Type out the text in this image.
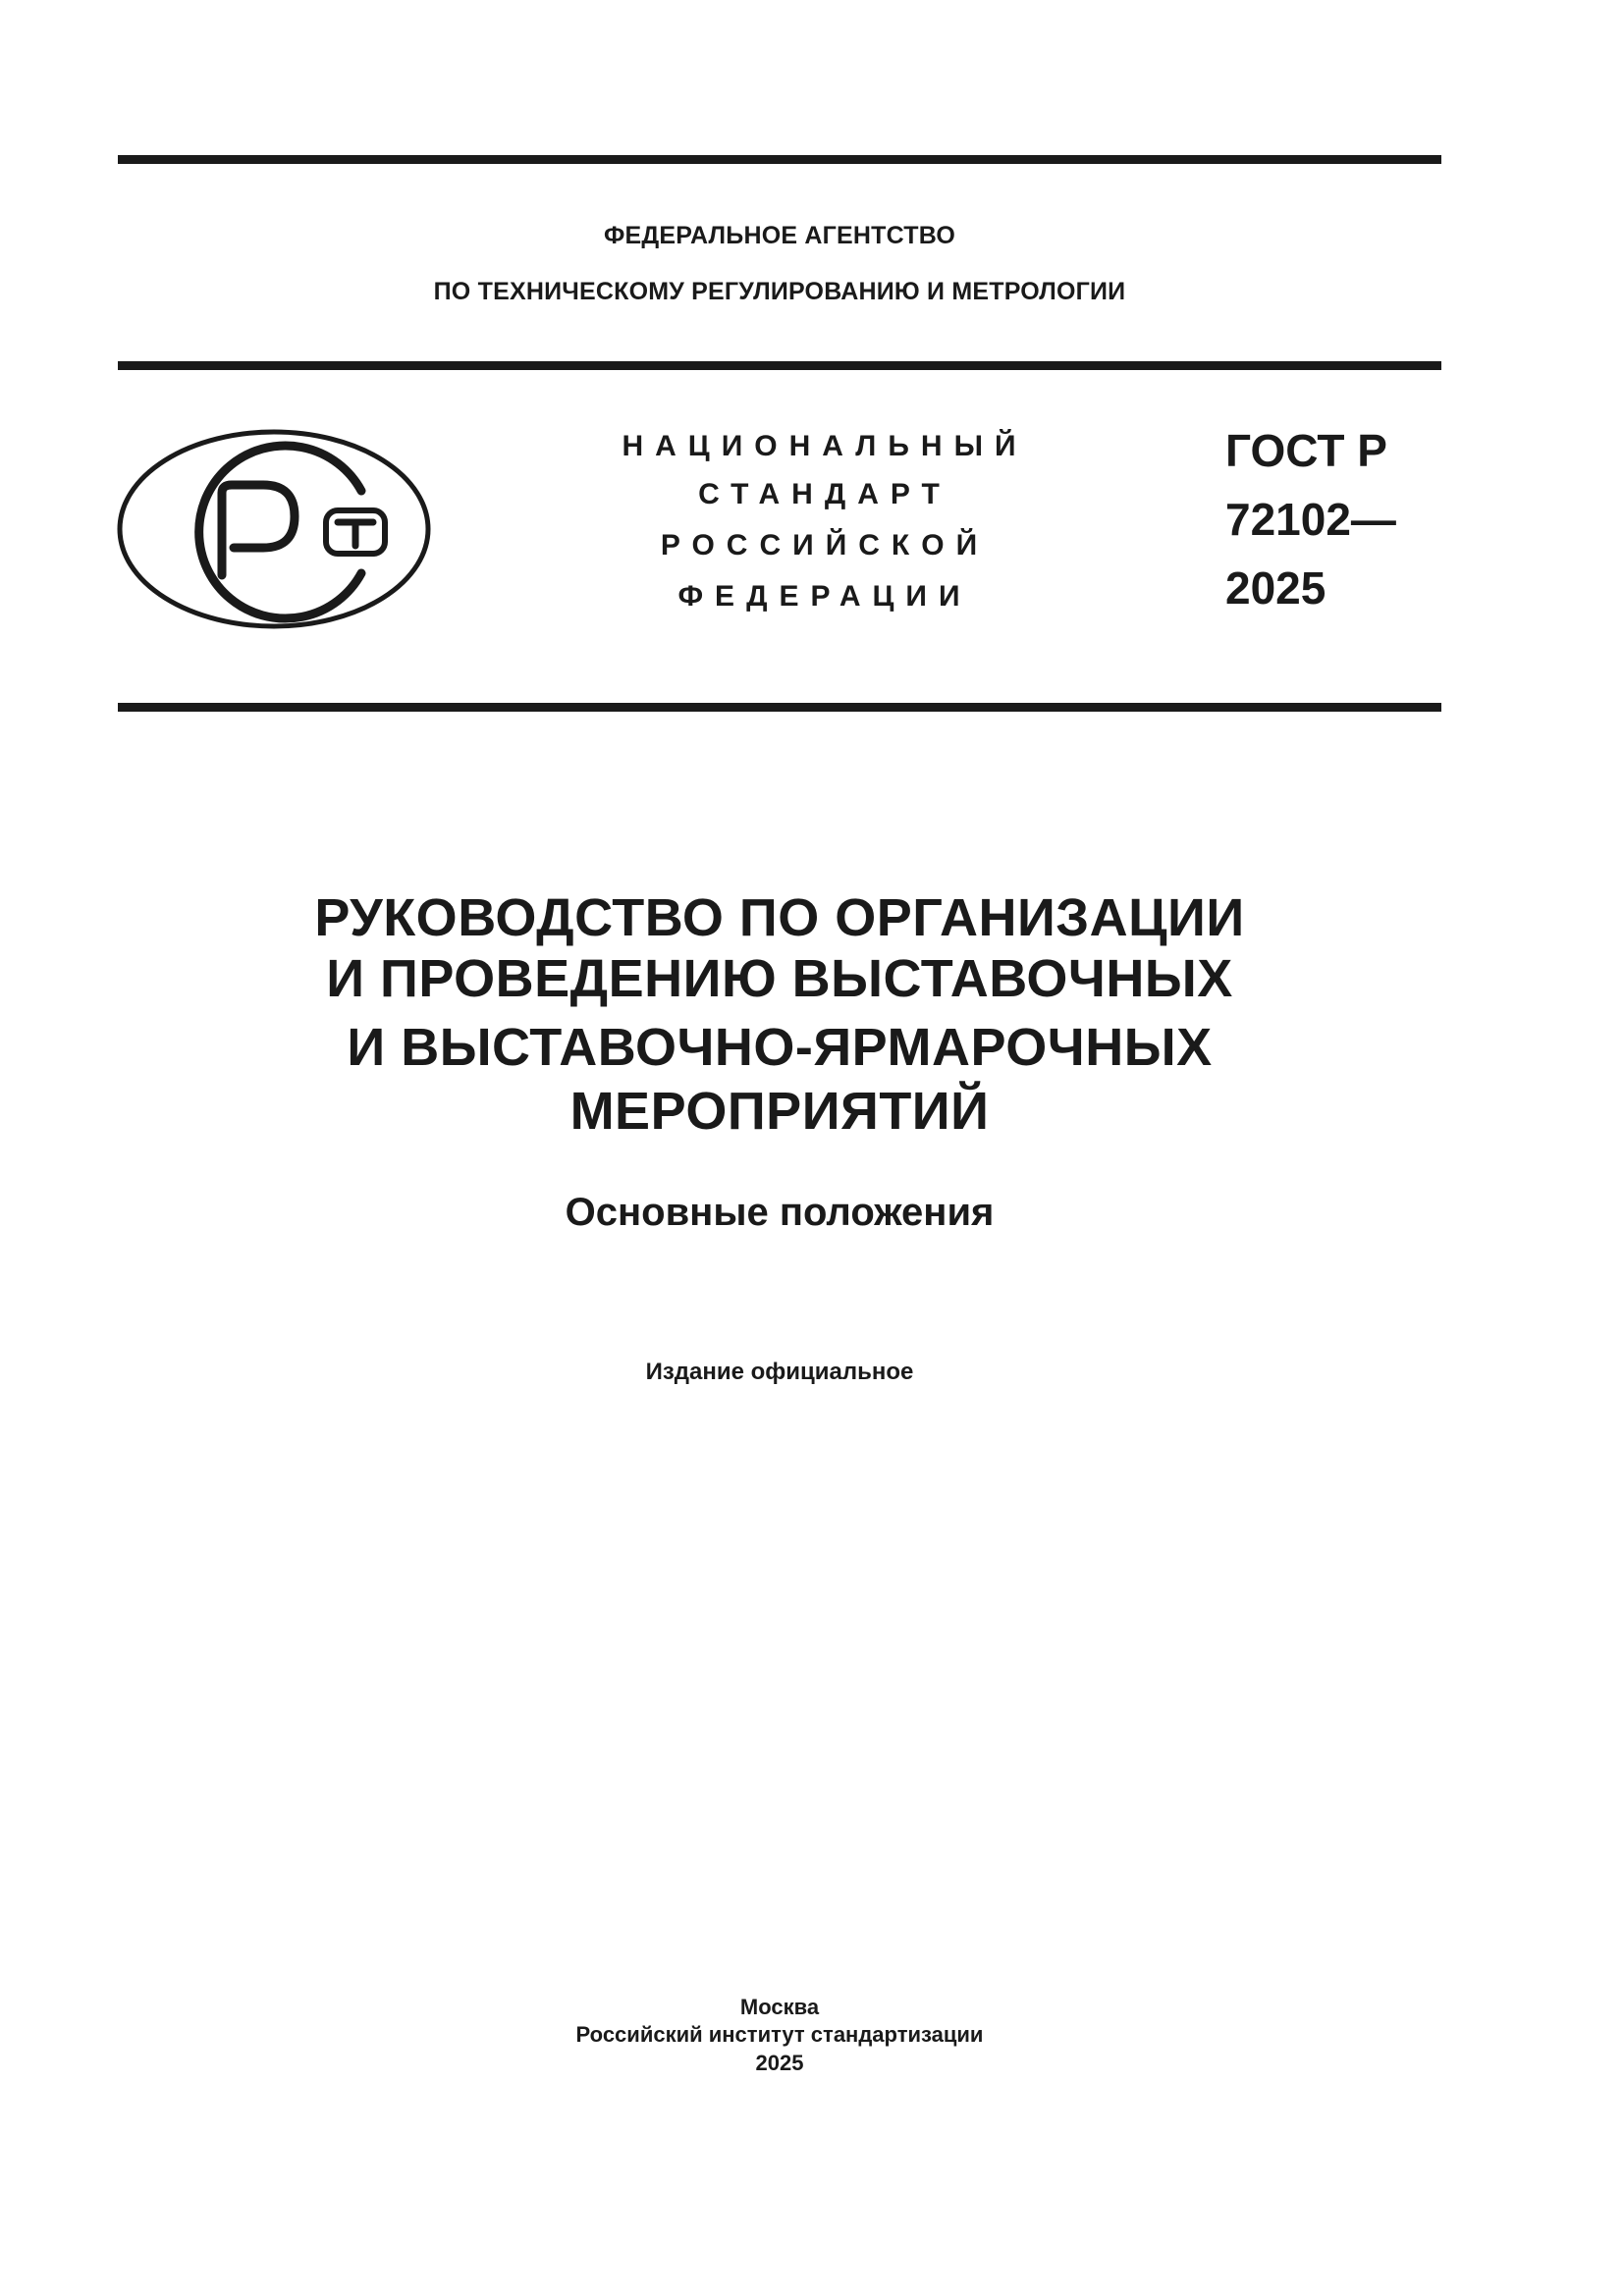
ФЕДЕРАЛЬНОЕ АГЕНТСТВО
ПО ТЕХНИЧЕСКОМУ РЕГУЛИРОВАНИЮ И МЕТРОЛОГИИ
НАЦИОНАЛЬНЫЙ
СТАНДАРТ
РОССИЙСКОЙ
ФЕДЕРАЦИИ
ГОСТ Р
72102—
2025
РУКОВОДСТВО ПО ОРГАНИЗАЦИИ
И ПРОВЕДЕНИЮ ВЫСТАВОЧНЫХ
И ВЫСТАВОЧНО-ЯРМАРОЧНЫХ
МЕРОПРИЯТИЙ
Основные положения
Издание официальное
Москва
Российский институт стандартизации
2025
